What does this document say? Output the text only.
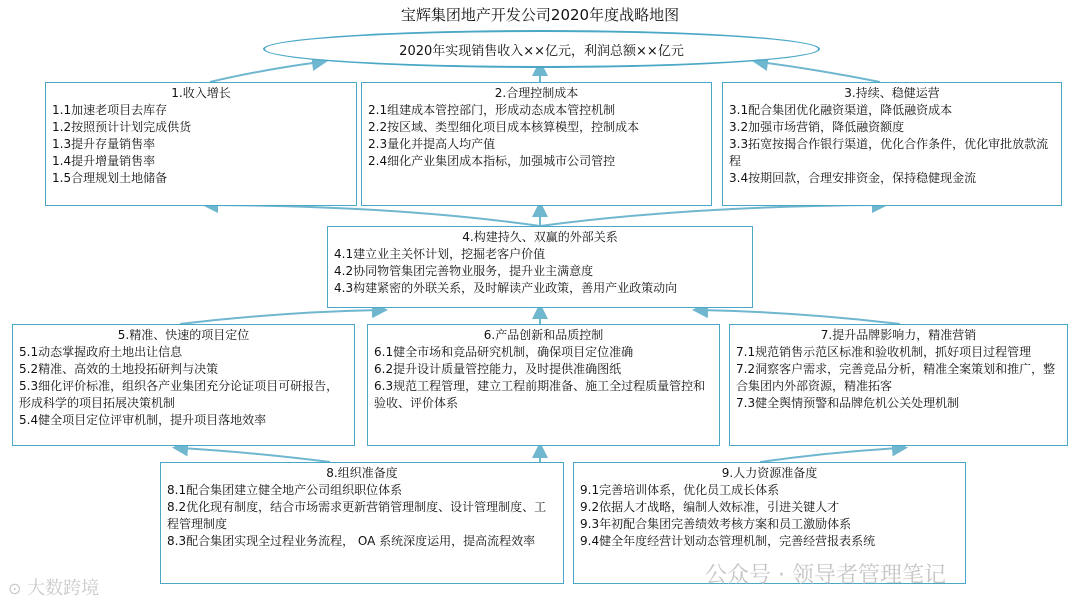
宝辉集团地产开发公司2020年度战略地图
2020年实现销售收入××亿元，利润总额××亿元
1.收入增长
1.1加速老项目去库存
1.2按照预计计划完成供货
1.3提升存量销售率
1.4提升增量销售率
1.5合理规划土地储备
2.合理控制成本
2.1组建成本管控部门，形成动态成本管控机制
2.2按区域、类型细化项目成本核算模型，控制成本
2.3量化并提高人均产值
2.4细化产业集团成本指标，加强城市公司管控
3.持续、稳健运营
3.1配合集团优化融资渠道，降低融资成本
3.2加强市场营销，降低融资额度
3.3拓宽按揭合作银行渠道，优化合作条件，优化审批放款流程
3.4按期回款，合理安排资金，保持稳健现金流
4.构建持久、双赢的外部关系
4.1建立业主关怀计划，挖掘老客户价值
4.2协同物管集团完善物业服务，提升业主满意度
4.3构建紧密的外联关系，及时解读产业政策，善用产业政策动向
5.精准、快速的项目定位
5.1动态掌握政府土地出让信息
5.2精准、高效的土地投拓研判与决策
5.3细化评价标准，组织各产业集团充分论证项目可研报告，形成科学的项目拓展决策机制
5.4健全项目定位评审机制，提升项目落地效率
6.产品创新和品质控制
6.1健全市场和竞品研究机制，确保项目定位准确
6.2提升设计质量管控能力，及时提供准确图纸
6.3规范工程管理，建立工程前期准备、施工全过程质量管控和验收、评价体系
7.提升品牌影响力，精准营销
7.1规范销售示范区标准和验收机制，抓好项目过程管理
7.2洞察客户需求，完善竞品分析，精准全案策划和推广，整合集团内外部资源，精准拓客
7.3健全舆情预警和品牌危机公关处理机制
8.组织准备度
8.1配合集团建立健全地产公司组织职位体系
8.2优化现有制度，结合市场需求更新营销管理制度、设计管理制度、工程管理制度
8.3配合集团实现全过程业务流程， OA 系统深度运用，提高流程效率
9.人力资源准备度
9.1完善培训体系，优化员工成长体系
9.2依据人才战略，编制人效标准，引进关键人才
9.3年初配合集团完善绩效考核方案和员工激励体系
9.4健全年度经营计划动态管理机制，完善经营报表系统
⊙ 大数跨境
公众号 · 领导者管理笔记
